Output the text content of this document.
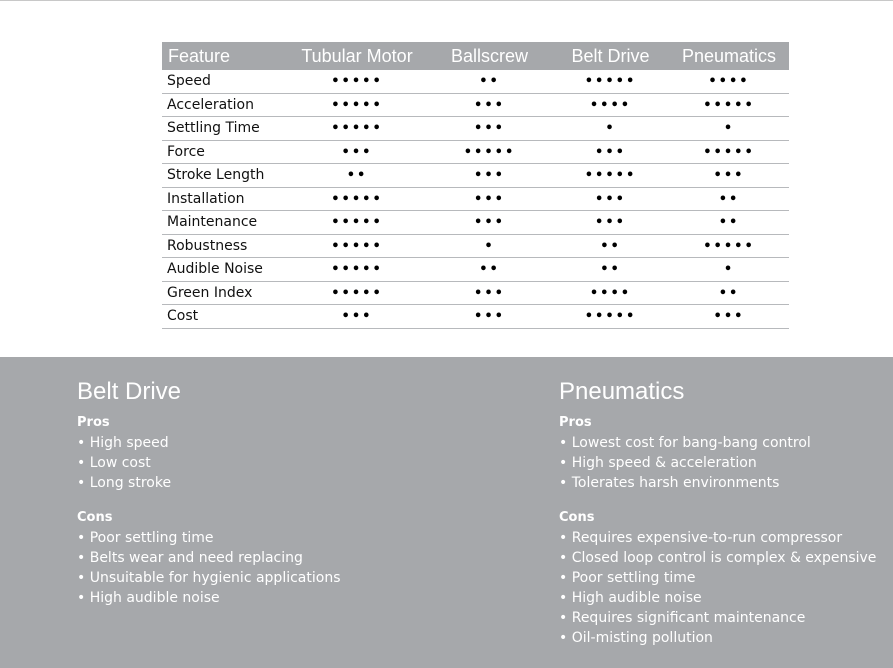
Feature	Tubular Motor	Ballscrew	Belt Drive	Pneumatics
Speed	•••••	••	•••••	••••
Acceleration	•••••	•••	••••	•••••
Settling Time	•••••	•••	•	•
Force	•••	•••••	•••	•••••
Stroke Length	••	•••	•••••	•••
Installation	•••••	•••	•••	••
Maintenance	•••••	•••	•••	••
Robustness	•••••	•	••	•••••
Audible Noise	•••••	••	••	•
Green Index	•••••	•••	••••	••
Cost	•••	•••	•••••	•••
Belt Drive
Pros
• High speed
• Low cost
• Long stroke
Cons
• Poor settling time
• Belts wear and need replacing
• Unsuitable for hygienic applications
• High audible noise
Pneumatics
Pros
• Lowest cost for bang-bang control
• High speed & acceleration
• Tolerates harsh environments
Cons
• Requires expensive-to-run compressor
• Closed loop control is complex & expensive
• Poor settling time
• High audible noise
• Requires significant maintenance
• Oil-misting pollution
